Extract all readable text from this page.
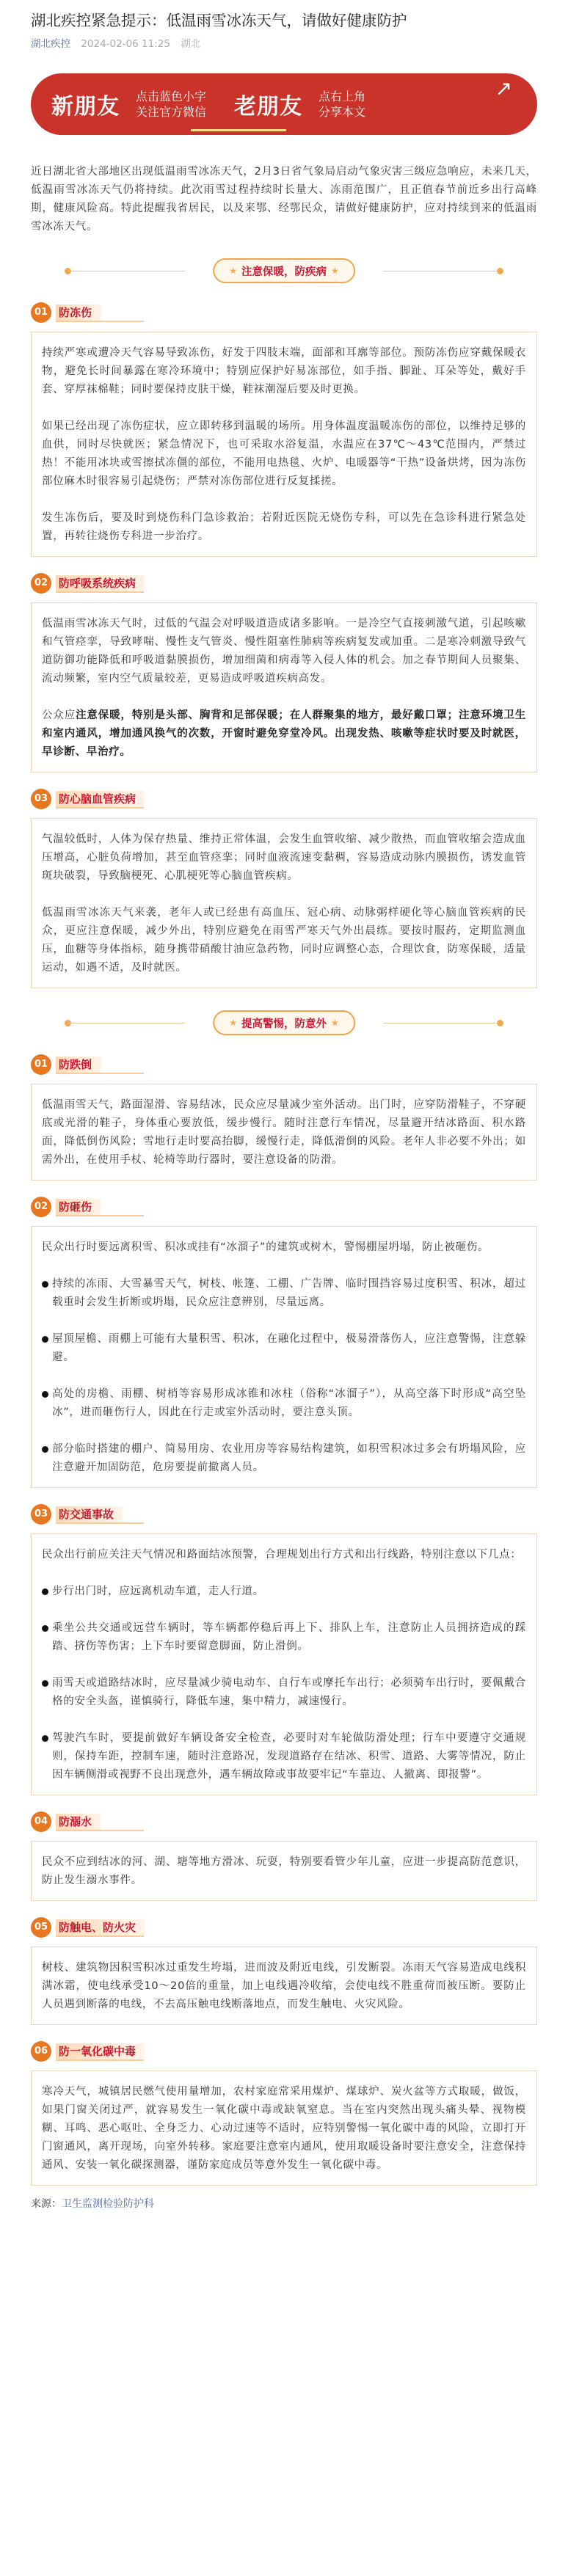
湖北疾控紧急提示：低温雨雪冰冻天气，请做好健康防护
湖北疾控 2024-02-06 11:25 湖北
新朋友 点击蓝色小字
关注官方微信 老朋友 点右上角
分享本文
↗

近日湖北省大部地区出现低温雨雪冰冻天气，2月3日省气象局启动气象灾害三级应急响应，未来几天，低温雨雪冰冻天气仍将持续。此次雨雪过程持续时长量大、冻雨范围广，且正值春节前近乡出行高峰期，健康风险高。特此提醒我省居民，以及来鄂、经鄂民众，请做好健康防护，应对持续到来的低温雨雪冰冻天气。

★ 注意保暖，防疾病 ★
01 防冻伤

持续严寒或遭冷天气容易导致冻伤，好发于四肢末端，面部和耳廓等部位。预防冻伤应穿戴保暖衣物，避免长时间暴露在寒冷环境中；特别应保护好易冻部位，如手指、脚趾、耳朵等处，戴好手套、穿厚袜棉鞋；同时要保持皮肤干燥，鞋袜潮湿后要及时更换。

如果已经出现了冻伤症状，应立即转移到温暖的场所。用身体温度温暖冻伤的部位，以维持足够的血供，同时尽快就医；紧急情况下，也可采取水浴复温，水温应在37℃～43℃范围内，严禁过热！不能用冰块或雪擦拭冻僵的部位，不能用电热毯、火炉、电暖器等“干热”设备烘烤，因为冻伤部位麻木时很容易引起烧伤；严禁对冻伤部位进行反复揉搓。

发生冻伤后，要及时到烧伤科门急诊救治；若附近医院无烧伤专科，可以先在急诊科进行紧急处置，再转往烧伤专科进一步治疗。

02 防呼吸系统疾病

低温雨雪冰冻天气时，过低的气温会对呼吸道造成诸多影响。一是冷空气直接刺激气道，引起咳嗽和气管痉挛，导致哮喘、慢性支气管炎、慢性阻塞性肺病等疾病复发或加重。二是寒冷刺激导致气道防御功能降低和呼吸道黏膜损伤，增加细菌和病毒等入侵人体的机会。加之春节期间人员聚集、流动频繁，室内空气质量较差，更易造成呼吸道疾病高发。

公众应注意保暖，特别是头部、胸背和足部保暖；在人群聚集的地方，最好戴口罩；注意环境卫生和室内通风，增加通风换气的次数，开窗时避免穿堂冷风。出现发热、咳嗽等症状时要及时就医，早诊断、早治疗。

03 防心脑血管疾病

气温较低时，人体为保存热量、维持正常体温，会发生血管收缩、减少散热，而血管收缩会造成血压增高，心脏负荷增加，甚至血管痉挛；同时血液流速变黏稠，容易造成动脉内膜损伤，诱发血管斑块破裂，导致脑梗死、心肌梗死等心脑血管疾病。

低温雨雪冰冻天气来袭，老年人或已经患有高血压、冠心病、动脉粥样硬化等心脑血管疾病的民众，更应注意保暖，减少外出，特别应避免在雨雪严寒天气外出晨练。要按时服药，定期监测血压，血糖等身体指标，随身携带硝酸甘油应急药物，同时应调整心态，合理饮食，防寒保暖，适量运动，如遇不适，及时就医。

★ 提高警惕，防意外 ★
01 防跌倒

低温雨雪天气，路面湿滑、容易结冰，民众应尽量减少室外活动。出门时，应穿防滑鞋子，不穿硬底或光滑的鞋子，身体重心要放低，缓步慢行。随时注意行车情况，尽量避开结冰路面、积水路面，降低倒伤风险；雪地行走时要高抬脚，缓慢行走，降低滑倒的风险。老年人非必要不外出；如需外出，在使用手杖、轮椅等助行器时，要注意设备的防滑。

02 防砸伤

民众出行时要远离积雪、积冰或挂有“冰溜子”的建筑或树木，警惕棚屋坍塌，防止被砸伤。

持续的冻雨、大雪暴雪天气，树枝、帐篷、工棚、广告牌、临时围挡容易过度积雪、积冰，超过载重时会发生折断或坍塌，民众应注意辨别，尽量远离。

屋顶屋檐、雨棚上可能有大量积雪、积冰，在融化过程中，极易滑落伤人，应注意警惕，注意躲避。

高处的房檐、雨棚、树梢等容易形成冰锥和冰柱（俗称“冰溜子”），从高空落下时形成“高空坠冰”，进而砸伤行人，因此在行走或室外活动时，要注意头顶。

部分临时搭建的棚户、简易用房、农业用房等容易结构建筑，如积雪积冰过多会有坍塌风险，应注意避开加固防范，危房要提前撤离人员。

03 防交通事故

民众出行前应关注天气情况和路面结冰预警，合理规划出行方式和出行线路，特别注意以下几点：

步行出门时，应远离机动车道，走人行道。

乘坐公共交通或远营车辆时，等车辆都停稳后再上下、排队上车，注意防止人员拥挤造成的踩踏、挤伤等伤害；上下车时要留意脚面，防止滑倒。

雨雪天或道路结冰时，应尽量减少骑电动车、自行车或摩托车出行；必须骑车出行时，要佩戴合格的安全头盔，谨慎骑行，降低车速，集中精力，减速慢行。

驾驶汽车时，要提前做好车辆设备安全检查，必要时对车轮做防滑处理；行车中要遵守交通规则，保持车距，控制车速，随时注意路况，发现道路存在结冰、积雪、道路、大雾等情况，防止因车辆侧滑或视野不良出现意外，遇车辆故障或事故要牢记“车靠边、人撤离、即报警”。

04 防溺水

民众不应到结冰的河、湖、塘等地方滑冰、玩耍，特别要看管少年儿童，应进一步提高防范意识，防止发生溺水事件。

05 防触电、防火灾

树枝、建筑物因积雪积冰过重发生垮塌，进而波及附近电线，引发断裂。冻雨天气容易造成电线积满冰霜，使电线承受10～20倍的重量，加上电线遇冷收缩，会使电线不胜重荷而被压断。要防止人员遇到断落的电线，不去高压触电线断落地点，而发生触电、火灾风险。

06 防一氧化碳中毒

寒冷天气，城镇居民燃气使用量增加，农村家庭常采用煤炉、煤球炉、炭火盆等方式取暖，做饭，如果门窗关闭过严，就容易发生一氧化碳中毒或缺氧窒息。当在室内突然出现头痛头晕、视物模糊、耳鸣、恶心呕吐、全身乏力、心动过速等不适时，应特别警惕一氧化碳中毒的风险，立即打开门窗通风，离开现场，向室外转移。家庭要注意室内通风，使用取暖设备时要注意安全，注意保持通风、安装一氧化碳探测器，谨防家庭成员等意外发生一氧化碳中毒。

来源：卫生监测检验防护科
